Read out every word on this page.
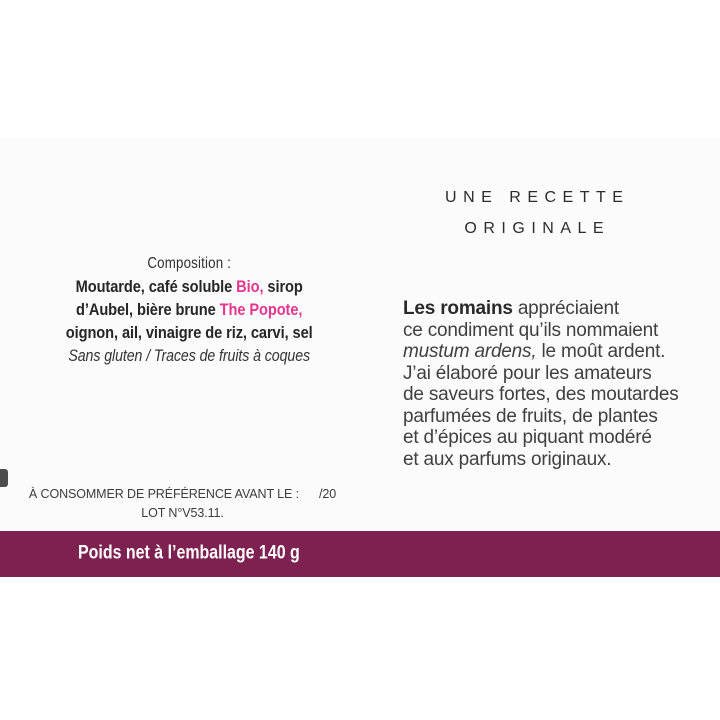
Composition :
Moutarde, café soluble Bio, sirop
d’Aubel, bière brune The Popote,
oignon, ail, vinaigre de riz, carvi, sel
Sans gluten / Traces de fruits à coques
UNE RECETTE
ORIGINALE
Les romains appréciaient
ce condiment qu’ils nommaient
mustum ardens, le moût ardent.
J’ai élaboré pour les amateurs
de saveurs fortes, des moutardes
parfumées de fruits, de plantes
et d’épices au piquant modéré
et aux parfums originaux.
À CONSOMMER DE PRÉFÉRENCE AVANT LE : /20
LOT N°V53.11.
Poids net à l’emballage 140 g
